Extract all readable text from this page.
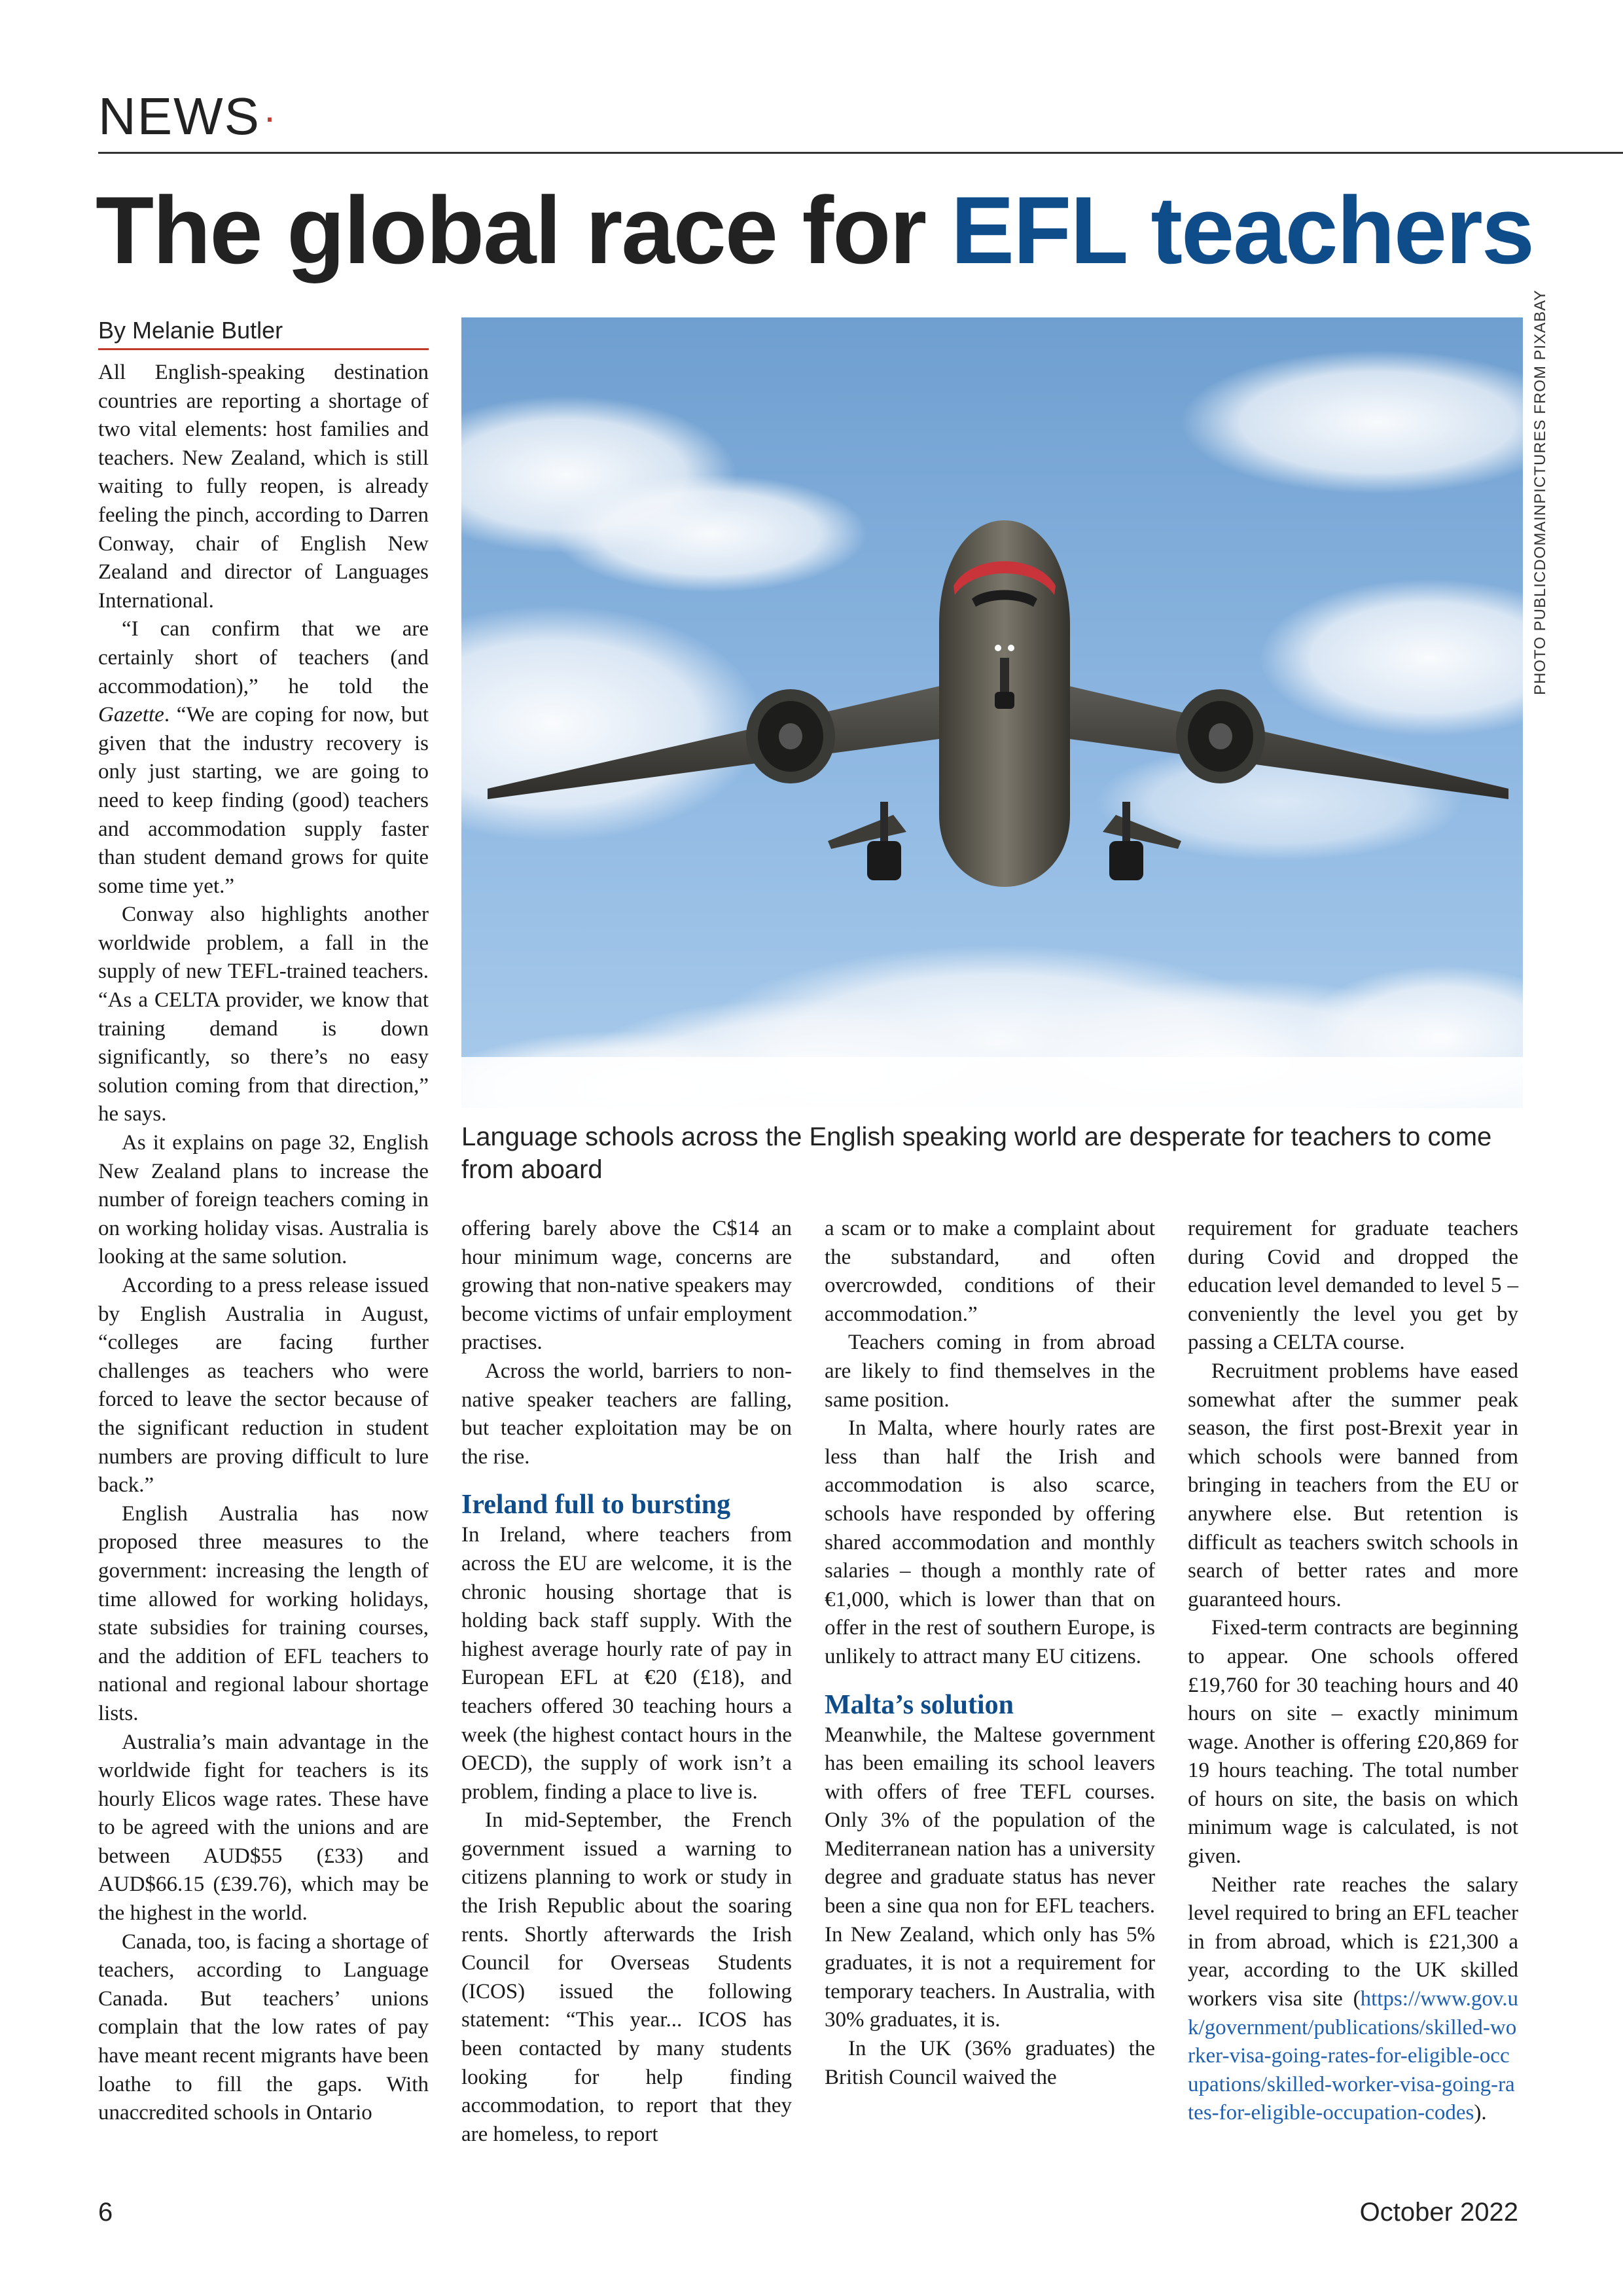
NEWS·
The global race for EFL teachers
By Melanie Butler	PHOTO PUBLICDOMAINPICTURES FROM PIXABAY

Language schools across the English speaking world are desperate for teachers to come from aboard

All English-speaking destination countries are reporting a shortage of two vital elements: host families and teachers. New Zealand, which is still waiting to fully reopen, is already feeling the pinch, according to Darren Conway, chair of English New Zealand and director of Languages International.

“I can confirm that we are certainly short of teachers (and accommodation),” he told the Gazette. “We are coping for now, but given that the industry recovery is only just starting, we are going to need to keep finding (good) teachers and accommodation supply faster than student demand grows for quite some time yet.”

Conway also highlights another worldwide problem, a fall in the supply of new TEFL-trained teachers. “As a CELTA provider, we know that training demand is down significantly, so there’s no easy solution coming from that direction,” he says.

As it explains on page 32, English New Zealand plans to increase the number of foreign teachers coming in on working holiday visas. Australia is looking at the same solution.

According to a press release issued by English Australia in August, “colleges are facing further challenges as teachers who were forced to leave the sector because of the significant reduction in student numbers are proving difficult to lure back.”

English Australia has now proposed three measures to the government: increasing the length of time allowed for working holidays, state subsidies for training courses, and the addition of EFL teachers to national and regional labour shortage lists.

Australia’s main advantage in the worldwide fight for teachers is its hourly Elicos wage rates. These have to be agreed with the unions and are between AUD$55 (£33) and AUD$66.15 (£39.76), which may be the highest in the world.

Canada, too, is facing a shortage of teachers, according to Language Canada. But teachers’ unions complain that the low rates of pay have meant recent migrants have been loathe to fill the gaps. With unaccredited schools in Ontario

offering barely above the C$14 an hour minimum wage, concerns are growing that non-native speakers may become victims of unfair employment practises.

Across the world, barriers to non-native speaker teachers are falling, but teacher exploitation may be on the rise.

Ireland full to bursting

In Ireland, where teachers from across the EU are welcome, it is the chronic housing shortage that is holding back staff supply. With the highest average hourly rate of pay in European EFL at €20 (£18), and teachers offered 30 teaching hours a week (the highest contact hours in the OECD), the supply of work isn’t a problem, finding a place to live is.

In mid-September, the French government issued a warning to citizens planning to work or study in the Irish Republic about the soaring rents. Shortly afterwards the Irish Council for Overseas Students (ICOS) issued the following statement: “This year... ICOS has been contacted by many students looking for help finding accommodation, to report that they are homeless, to report

a scam or to make a complaint about the substandard, and often overcrowded, conditions of their accommodation.”

Teachers coming in from abroad are likely to find themselves in the same position.

In Malta, where hourly rates are less than half the Irish and accommodation is also scarce, schools have responded by offering shared accommodation and monthly salaries – though a monthly rate of €1,000, which is lower than that on offer in the rest of southern Europe, is unlikely to attract many EU citizens.

Malta’s solution

Meanwhile, the Maltese government has been emailing its school leavers with offers of free TEFL courses. Only 3% of the population of the Mediterranean nation has a university degree and graduate status has never been a sine qua non for EFL teachers. In New Zealand, which only has 5% graduates, it is not a requirement for temporary teachers. In Australia, with 30% graduates, it is.

In the UK (36% graduates) the British Council waived the

requirement for graduate teachers during Covid and dropped the education level demanded to level 5 – conveniently the level you get by passing a CELTA course.

Recruitment problems have eased somewhat after the summer peak season, the first post-Brexit year in which schools were banned from bringing in teachers from the EU or anywhere else. But retention is difficult as teachers switch schools in search of better rates and more guaranteed hours.

Fixed-term contracts are beginning to appear. One schools offered £19,760 for 30 teaching hours and 40 hours on site – exactly minimum wage. Another is offering £20,869 for 19 hours teaching. The total number of hours on site, the basis on which minimum wage is calculated, is not given.

Neither rate reaches the salary level required to bring an EFL teacher in from abroad, which is £21,300 a year, according to the UK skilled workers visa site (https://www.gov.uk/government/publications/skilled-worker-visa-going-rates-for-eligible-occupations/skilled-worker-visa-going-rates-for-eligible-occupation-codes).

6	October 2022
